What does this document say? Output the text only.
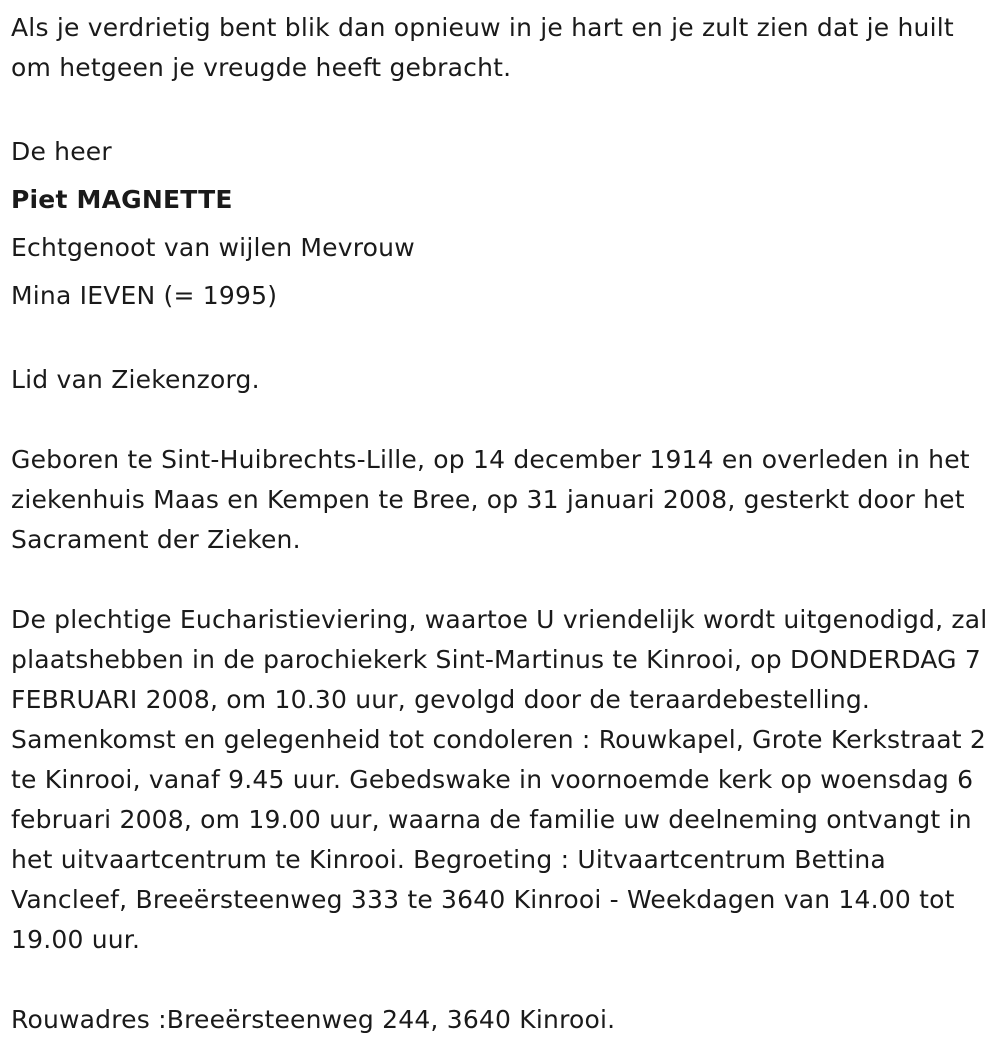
Als je verdrietig bent blik dan opnieuw in je hart en je zult zien dat je huilt om hetgeen je vreugde heeft gebracht.

De heer

Piet MAGNETTE

Echtgenoot van wijlen Mevrouw

Mina IEVEN (= 1995)

Lid van Ziekenzorg.

Geboren te Sint-Huibrechts-Lille, op 14 december 1914 en overleden in het ziekenhuis Maas en Kempen te Bree, op 31 januari 2008, gesterkt door het Sacrament der Zieken.

De plechtige Eucharistieviering, waartoe U vriendelijk wordt uitgenodigd, zal plaatshebben in de parochiekerk Sint-Martinus te Kinrooi, op DONDERDAG 7 FEBRUARI 2008, om 10.30 uur, gevolgd door de teraardebestelling. Samenkomst en gelegenheid tot condoleren : Rouwkapel, Grote Kerkstraat 2 te Kinrooi, vanaf 9.45 uur. Gebedswake in voornoemde kerk op woensdag 6 februari 2008, om 19.00 uur, waarna de familie uw deelneming ontvangt in het uitvaartcentrum te Kinrooi. Begroeting : Uitvaartcentrum Bettina Vancleef, Breeërsteenweg 333 te 3640 Kinrooi - Weekdagen van 14.00 tot 19.00 uur.

Rouwadres :Breeërsteenweg 244, 3640 Kinrooi.
